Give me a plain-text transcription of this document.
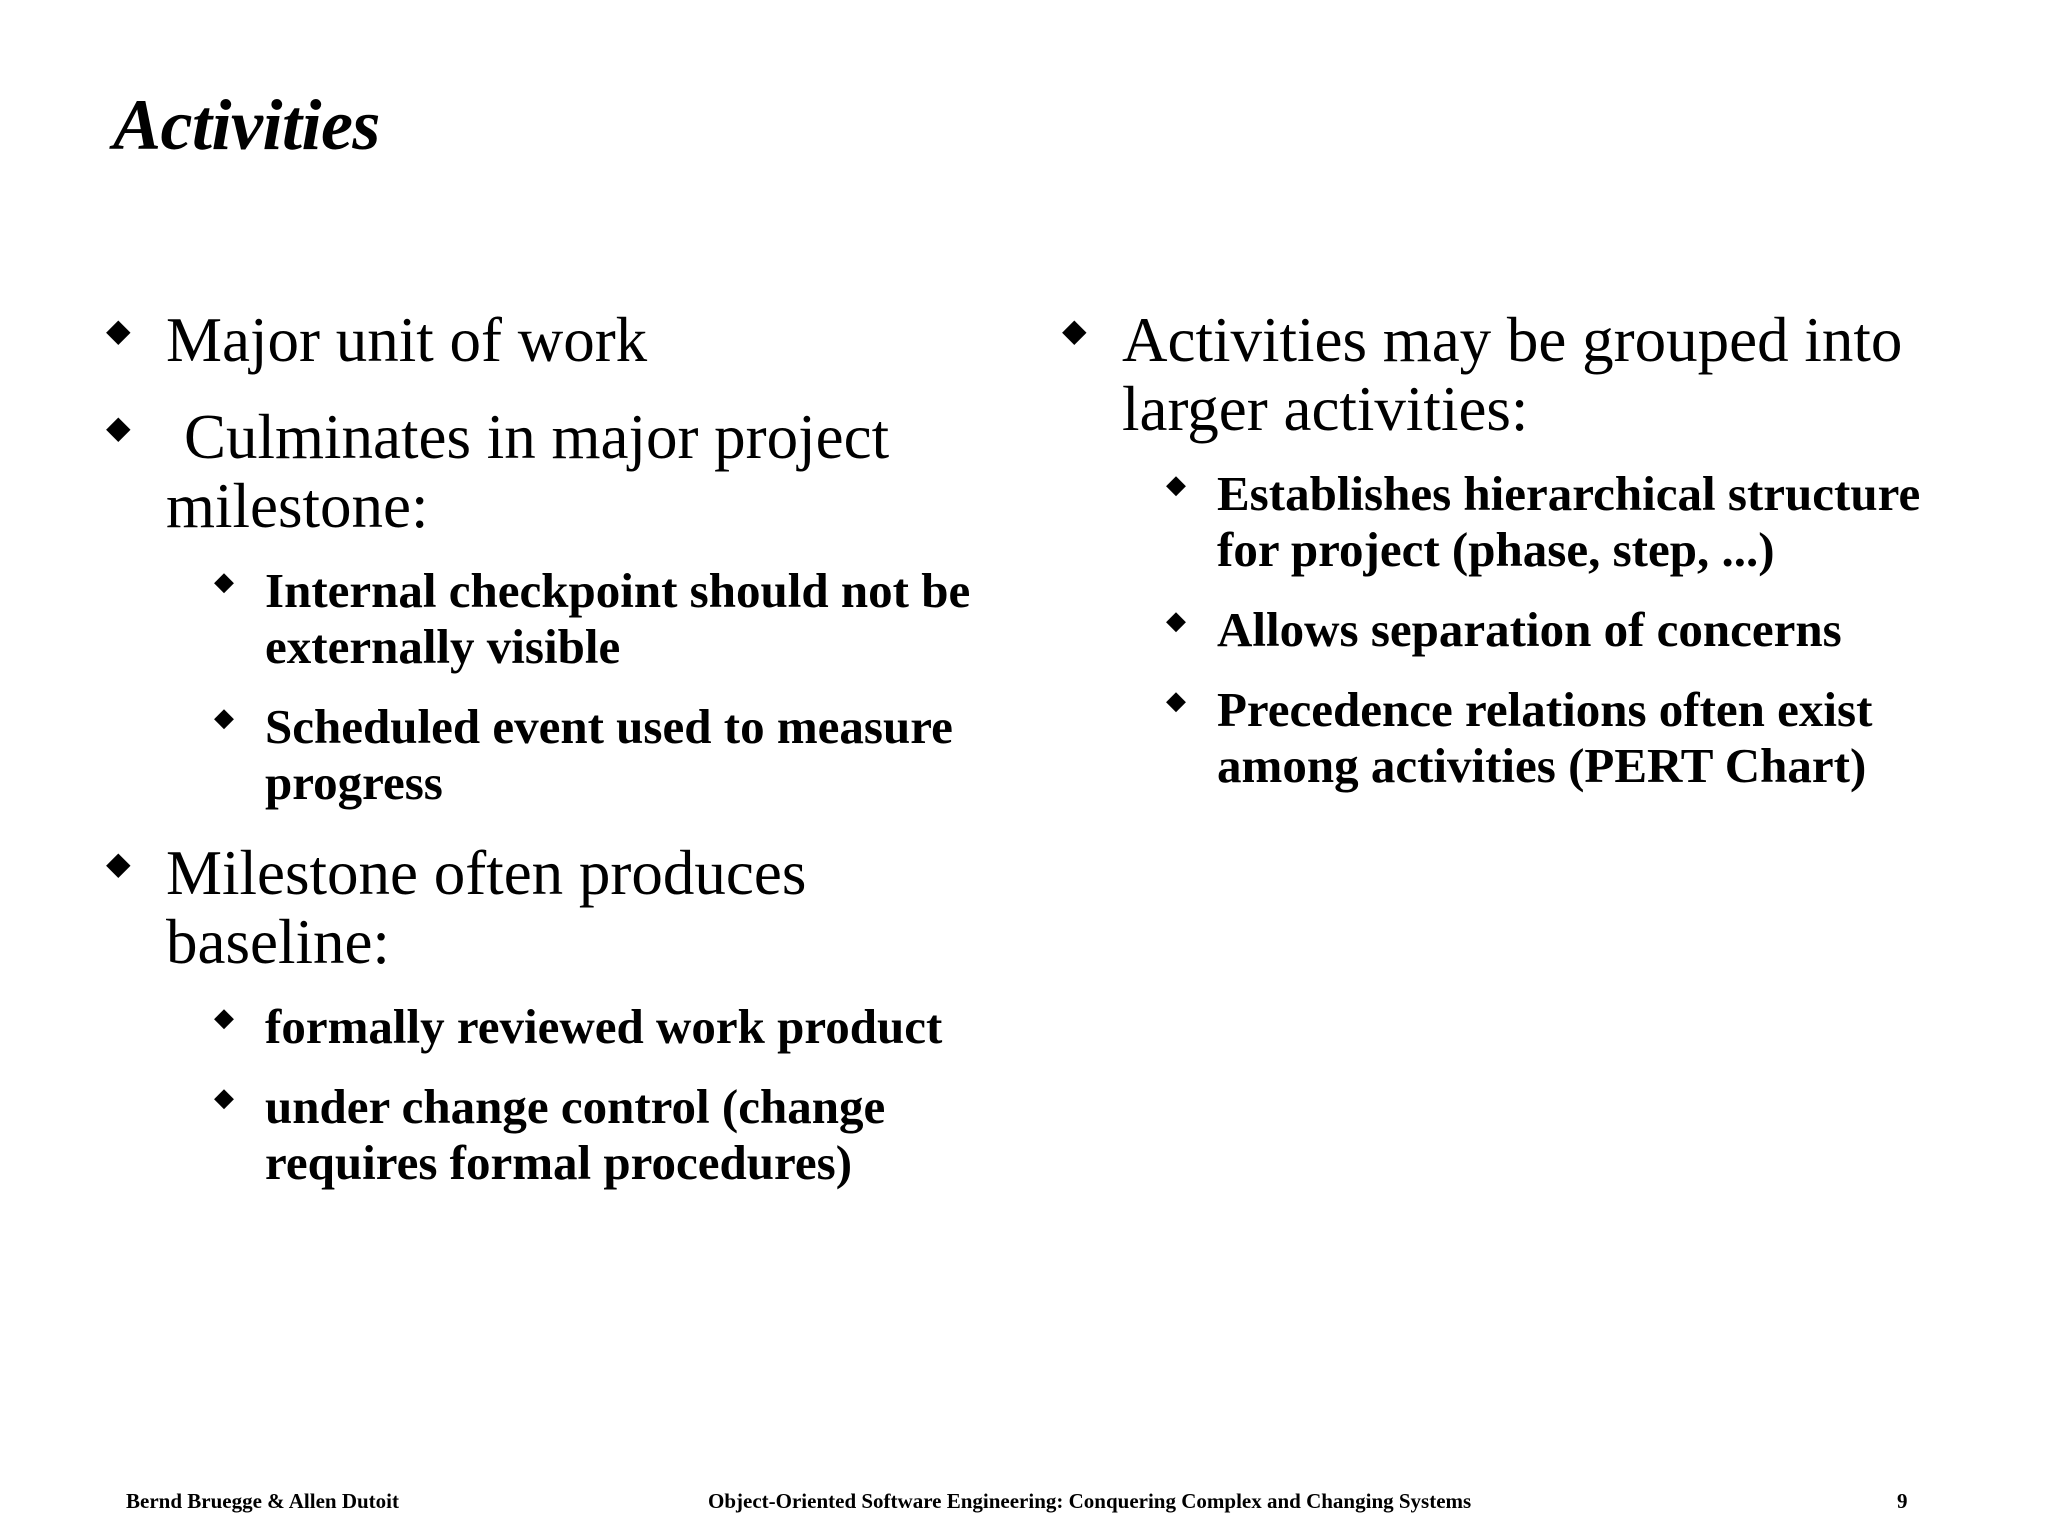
Activities
◆ Major unit of work
◆ Culminates in major project milestone:
◆ Internal checkpoint should not be externally visible
◆ Scheduled event used to measure progress
◆ Milestone often produces baseline:
◆ formally reviewed work product
◆ under change control (change requires formal procedures)
◆ Activities may be grouped into larger activities:
◆ Establishes hierarchical structure for project (phase, step, ...)
◆ Allows separation of concerns
◆ Precedence relations often exist among activities (PERT Chart)
Bernd Bruegge & Allen Dutoit	Object-Oriented Software Engineering: Conquering Complex and Changing Systems	9
